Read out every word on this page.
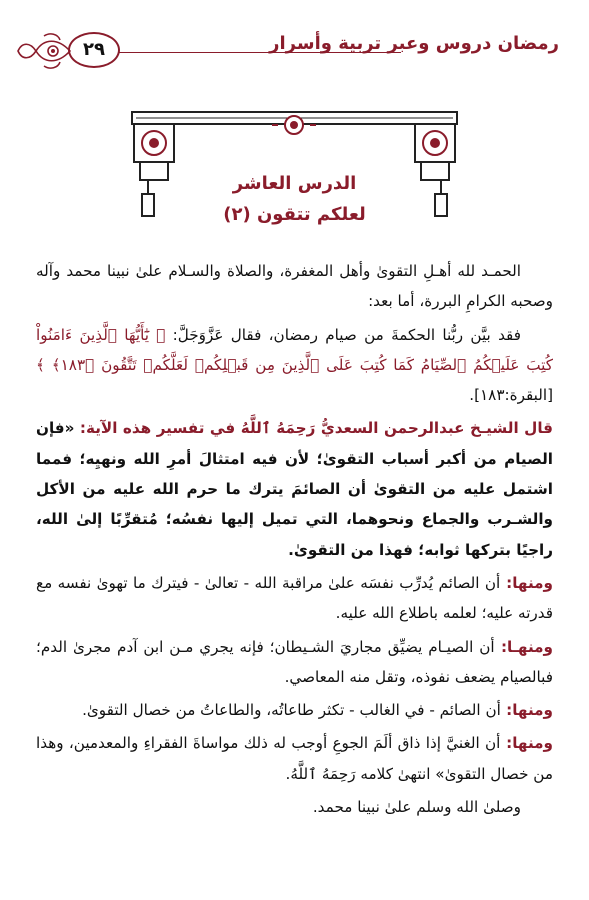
رمضان دروس وعبر تربية وأسرار
٢٩
الدرس العاشر
لعلكم تتقون (٢)

الحمـد لله أهـلِ التقوىٰ وأهل المغفرة، والصلاة والسـلام علىٰ نبينا محمد وآله وصحبه الكرامِ البررة، أما بعد:

فقد بيَّن ربُّنا الحكمةَ من صيام رمضان، فقال عَزَّوَجَلَّ: ﴿ يَٰٓأَيُّهَا ٱلَّذِينَ ءَامَنُواْ كُتِبَ عَلَيۡكُمُ ٱلصِّيَامُ كَمَا كُتِبَ عَلَى ٱلَّذِينَ مِن قَبۡلِكُمۡ لَعَلَّكُمۡ تَتَّقُونَ ﴿١٨٣﴾ ﴾ [البقرة:١٨٣].

قال الشيـخ عبدالرحمن السعديُّ رَحِمَهُ ٱللَّهُ في تفسير هذه الآية: «فإن الصيام من أكبر أسباب التقوىٰ؛ لأن فيه امتثالَ أمرِ الله ونهيِه؛ فمما اشتمل عليه من التقوىٰ أن الصائمَ يترك ما حرم الله عليه من الأكل والشـرب والجماع ونحوهما، التي تميل إليها نفسُه؛ مُتقرِّبًا إلىٰ الله، راجيًا بتركها ثوابه؛ فهذا من التقوىٰ.

ومنها: أن الصائم يُدرِّب نفسَه علىٰ مراقبة الله - تعالىٰ - فيترك ما تهوىٰ نفسه مع قدرته عليه؛ لعلمه باطلاع الله عليه.

ومنهـا: أن الصيـام يضيِّق مجاريَ الشـيطان؛ فإنه يجري مـن ابن آدم مجرىٰ الدم؛ فبالصيام يضعف نفوذه، وتقل منه المعاصي.

ومنها: أن الصائم - في الغالب - تكثر طاعاتُه، والطاعاتُ من خصال التقوىٰ.

ومنها: أن الغنيَّ إذا ذاق ألَمَ الجوعِ أوجب له ذلك مواساةَ الفقراءِ والمعدمين، وهذا من خصال التقوىٰ» انتهىٰ كلامه رَحِمَهُ ٱللَّهُ.

وصلىٰ الله وسلم علىٰ نبينا محمد.
